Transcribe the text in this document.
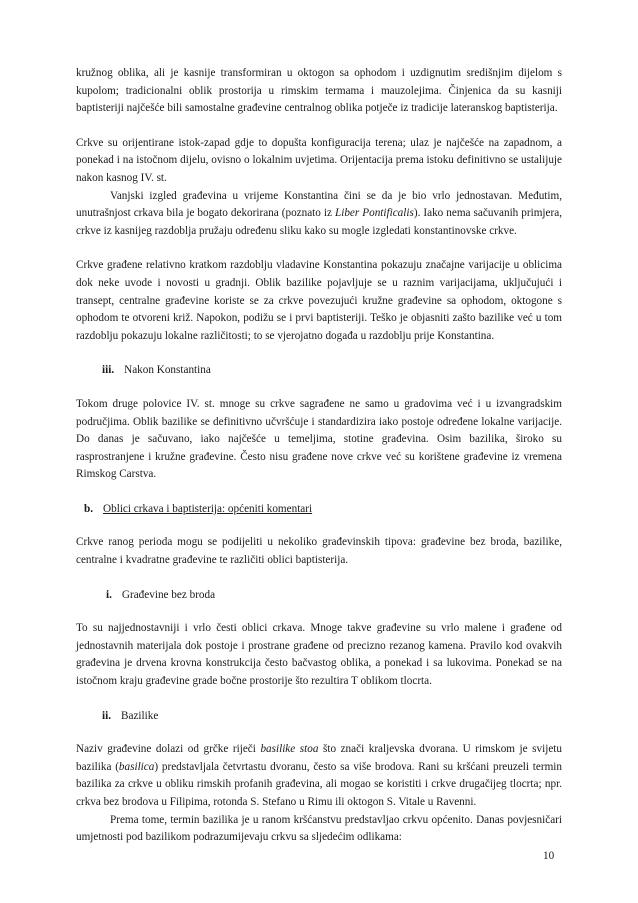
kružnog oblika, ali je kasnije transformiran u oktogon sa ophodom i uzdignutim središnjim dijelom s kupolom; tradicionalni oblik prostorija u rimskim termama i mauzolejima. Činjenica da su kasniji baptisteriji najčešće bili samostalne građevine centralnog oblika potječe iz tradicije lateranskog baptisterija.

Crkve su orijentirane istok-zapad gdje to dopušta konfiguracija terena; ulaz je najčešće na zapadnom, a ponekad i na istočnom dijelu, ovisno o lokalnim uvjetima. Orijentacija prema istoku definitivno se ustalijuje nakon kasnog IV. st.

Vanjski izgled građevina u vrijeme Konstantina čini se da je bio vrlo jednostavan. Međutim, unutrašnjost crkava bila je bogato dekorirana (poznato iz Liber Pontificalis). Iako nema sačuvanih primjera, crkve iz kasnijeg razdoblja pružaju određenu sliku kako su mogle izgledati konstantinovske crkve.

Crkve građene relativno kratkom razdoblju vladavine Konstantina pokazuju značajne varijacije u oblicima dok neke uvode i novosti u gradnji. Oblik bazilike pojavljuje se u raznim varijacijama, uključujući i transept, centralne građevine koriste se za crkve povezujući kružne građevine sa ophodom, oktogone s ophodom te otvoreni križ. Napokon, podižu se i prvi baptisteriji. Teško je objasniti zašto bazilike već u tom razdoblju pokazuju lokalne različitosti; to se vjerojatno događa u razdoblju prije Konstantina.

iii. Nakon Konstantina

Tokom druge polovice IV. st. mnoge su crkve sagrađene ne samo u gradovima već i u izvangradskim područjima. Oblik bazilike se definitivno učvršćuje i standardizira iako postoje određene lokalne varijacije. Do danas je sačuvano, iako najčešće u temeljima, stotine građevina. Osim bazilika, široko su rasprostranjene i kružne građevine. Često nisu građene nove crkve već su korištene građevine iz vremena Rimskog Carstva.

b. Oblici crkava i baptisterija: općeniti komentari

Crkve ranog perioda mogu se podijeliti u nekoliko građevinskih tipova: građevine bez broda, bazilike, centralne i kvadratne građevine te različiti oblici baptisterija.

i. Građevine bez broda

To su najjednostavniji i vrlo česti oblici crkava. Mnoge takve građevine su vrlo malene i građene od jednostavnih materijala dok postoje i prostrane građene od precizno rezanog kamena. Pravilo kod ovakvih građevina je drvena krovna konstrukcija često bačvastog oblika, a ponekad i sa lukovima. Ponekad se na istočnom kraju građevine grade bočne prostorije što rezultira T oblikom tlocrta.

ii. Bazilike

Naziv građevine dolazi od grčke riječi basilike stoa što znači kraljevska dvorana. U rimskom je svijetu bazilika (basilica) predstavljala četvrtastu dvoranu, često sa više brodova. Rani su kršćani preuzeli termin bazilika za crkve u obliku rimskih profanih građevina, ali mogao se koristiti i crkve drugačijeg tlocrta; npr. crkva bez brodova u Filipima, rotonda S. Stefano u Rimu ili oktogon S. Vitale u Ravenni.

Prema tome, termin bazilika je u ranom kršćanstvu predstavljao crkvu općenito. Danas povjesničari umjetnosti pod bazilikom podrazumijevaju crkvu sa sljedećim odlikama:

10
